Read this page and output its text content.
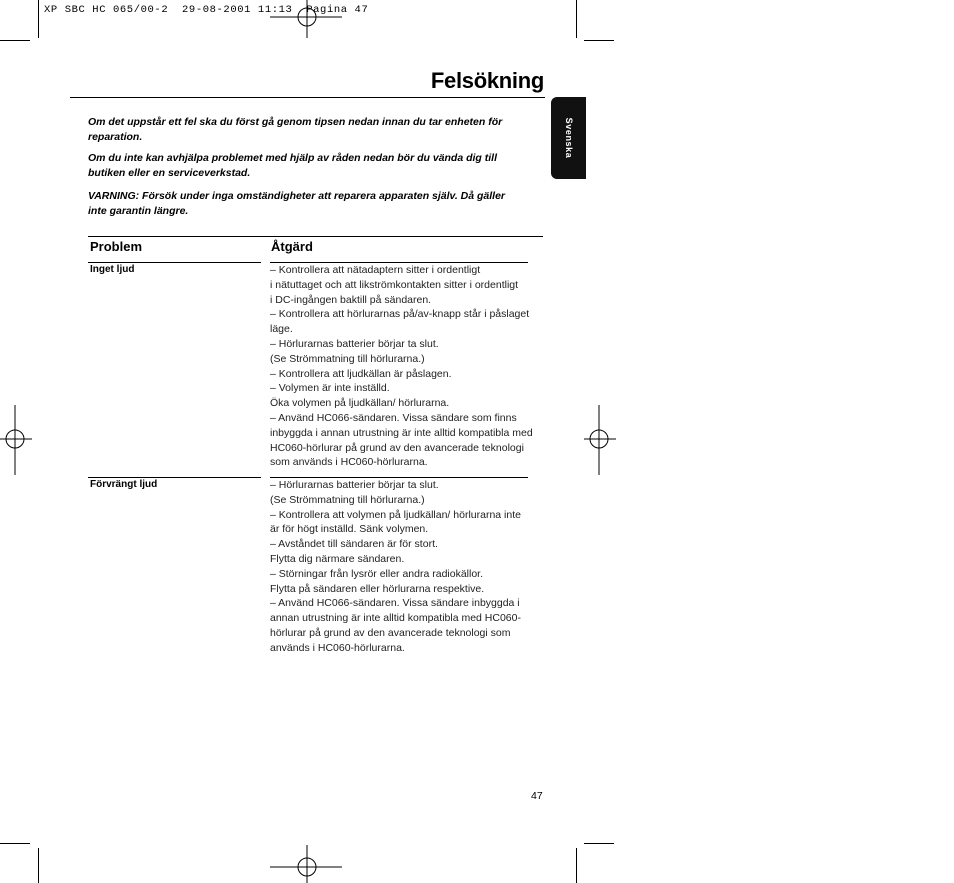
XP SBC HC 065/00-2  29-08-2001 11:13  Pagina 47
Felsökning
Svenska
Om det uppstår ett fel ska du först gå genom tipsen nedan innan du tar enheten för
reparation.
Om du inte kan avhjälpa problemet med hjälp av råden nedan bör du vända dig till
butiken eller en serviceverkstad.
VARNING: Försök under inga omständigheter att reparera apparaten själv. Då gäller
inte garantin längre.
Problem	Åtgärd
Inget ljud	– Kontrollera att nätadaptern sitter i ordentligt
i nätuttaget och att likströmkontakten sitter i ordentligt
i DC-ingången baktill på sändaren.
– Kontrollera att hörlurarnas på/av-knapp står i påslaget
läge.
– Hörlurarnas batterier börjar ta slut.
(Se Strömmatning till hörlurarna.)
– Kontrollera att ljudkällan är påslagen.
– Volymen är inte inställd.
Öka volymen på ljudkällan/ hörlurarna.
– Använd HC066-sändaren. Vissa sändare som finns
inbyggda i annan utrustning är inte alltid kompatibla med
HC060-hörlurar på grund av den avancerade teknologi
som används i HC060-hörlurarna.
Förvrängt ljud	– Hörlurarnas batterier börjar ta slut.
(Se Strömmatning till hörlurarna.)
– Kontrollera att volymen på ljudkällan/ hörlurarna inte
är för högt inställd. Sänk volymen.
– Avståndet till sändaren är för stort.
Flytta dig närmare sändaren.
– Störningar från lysrör eller andra radiokällor.
Flytta på sändaren eller hörlurarna respektive.
– Använd HC066-sändaren. Vissa sändare inbyggda i
annan utrustning är inte alltid kompatibla med HC060-
hörlurar på grund av den avancerade teknologi som
används i HC060-hörlurarna.
47
